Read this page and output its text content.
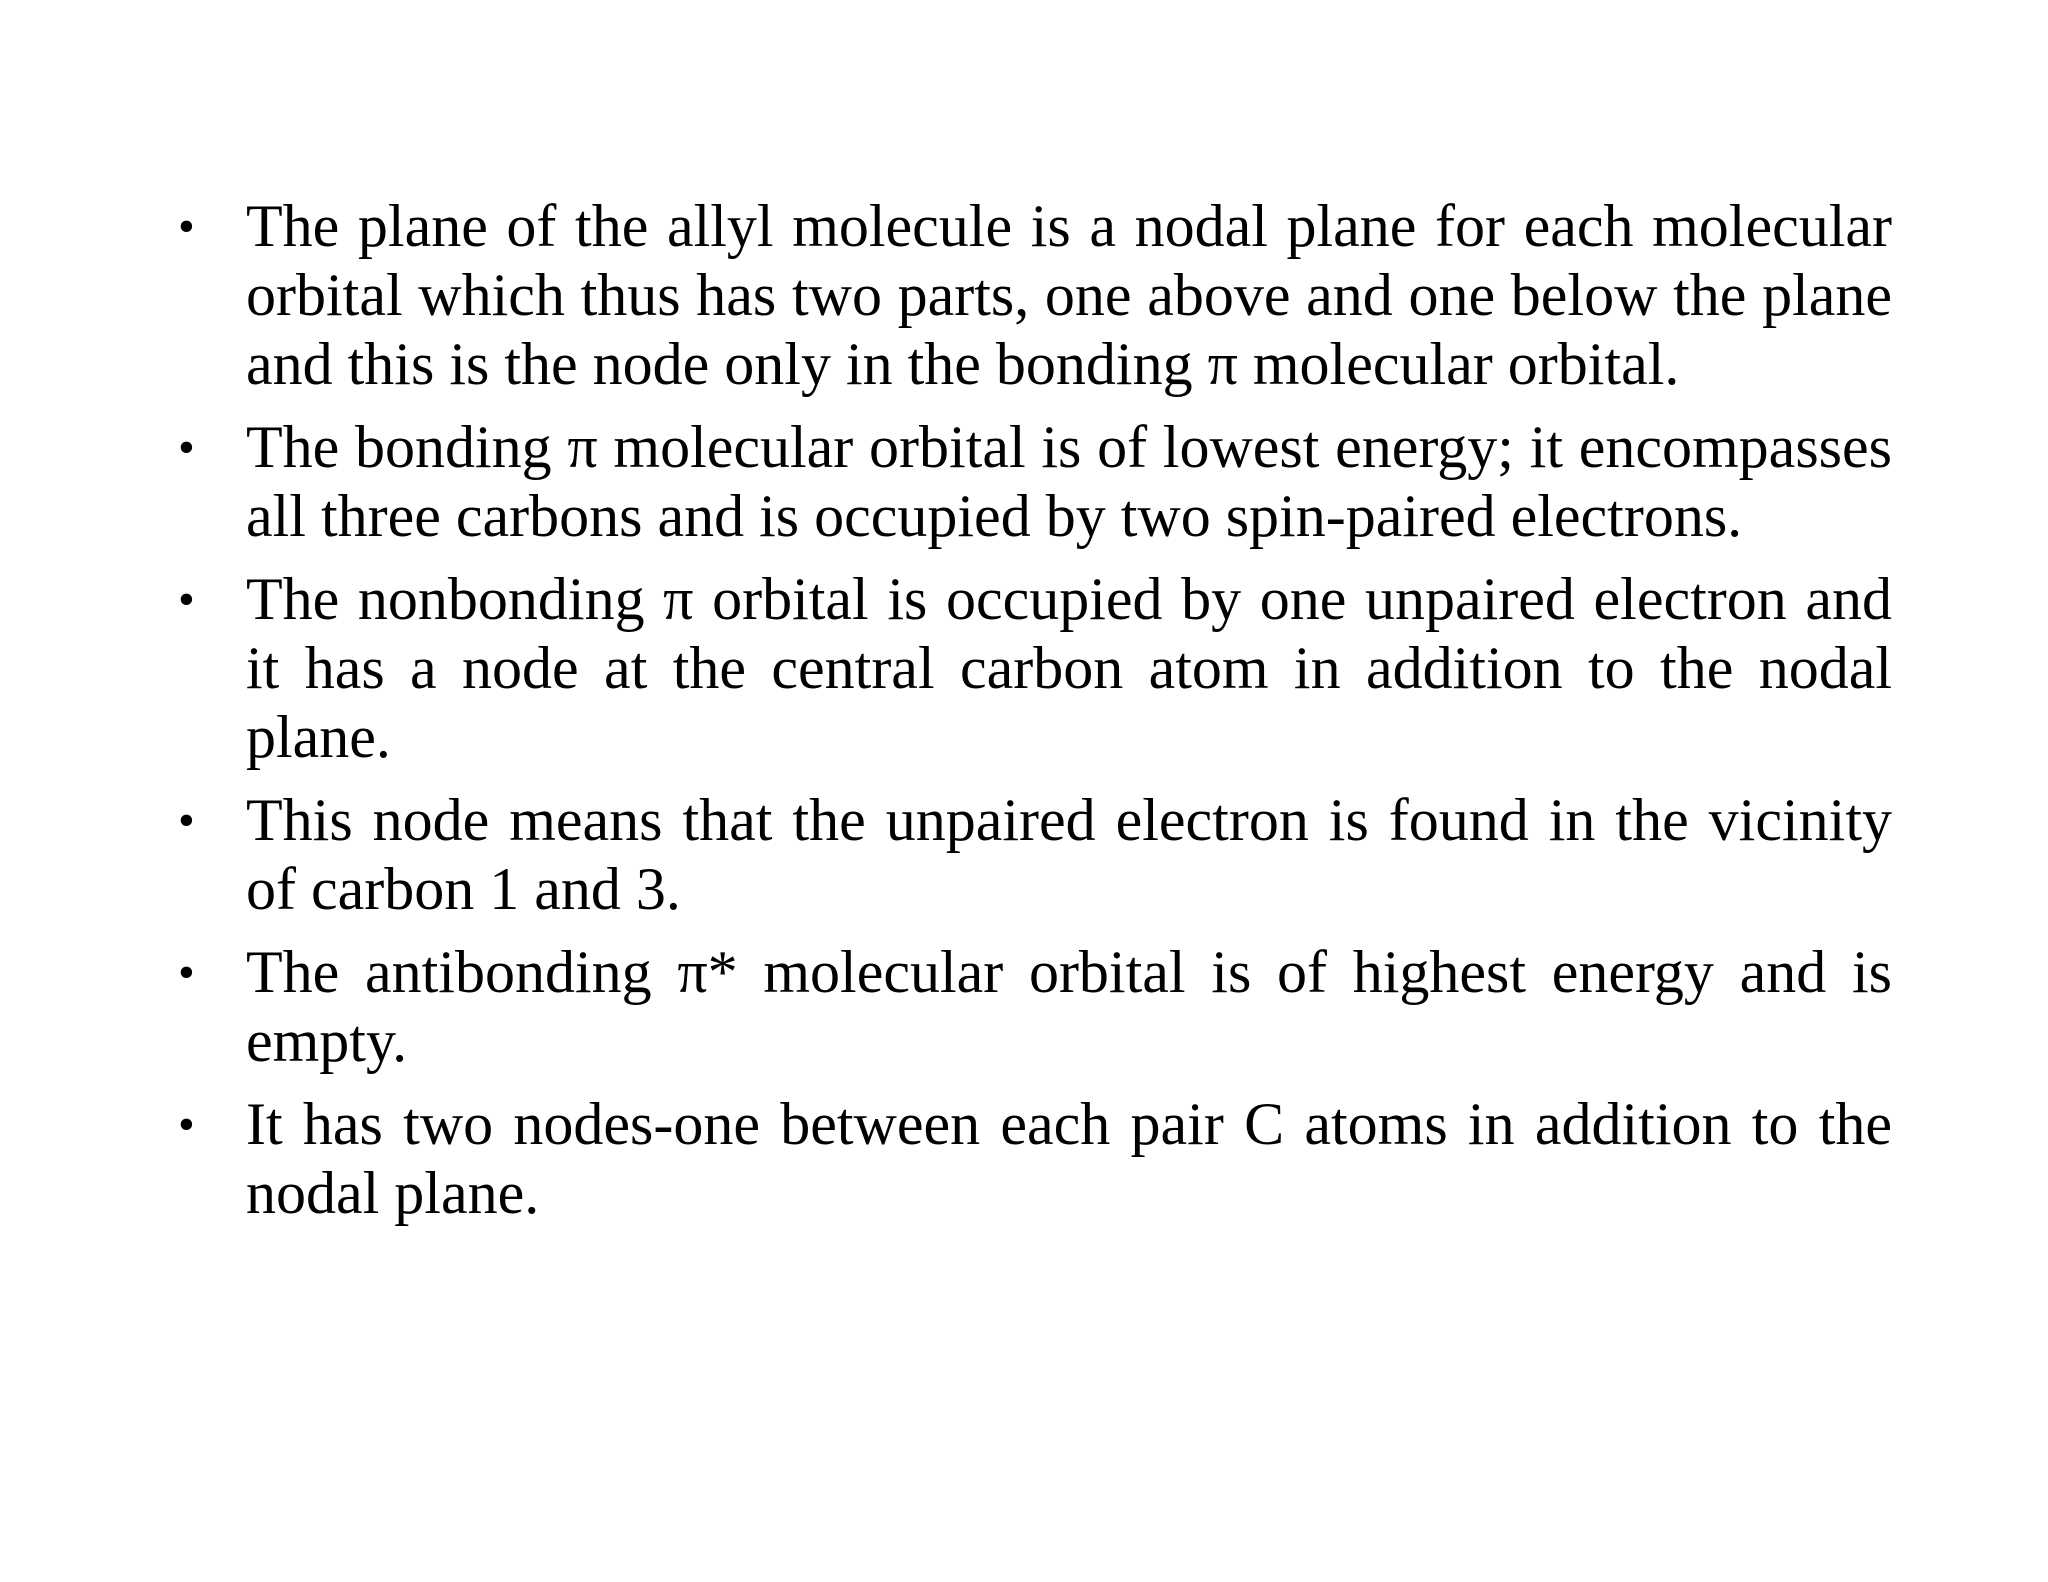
• The plane of the allyl molecule is a nodal plane for each molecular orbital which thus has two parts, one above and one below the plane and this is the node only in the bonding π molecular orbital.
• The bonding π molecular orbital is of lowest energy; it encompasses all three carbons and is occupied by two spin-paired electrons.
• The nonbonding π orbital is occupied by one unpaired electron and it has a node at the central carbon atom in addition to the nodal plane.
• This node means that the unpaired electron is found in the vicinity of carbon 1 and 3.
• The antibonding π* molecular orbital is of highest energy and is empty.
• It has two nodes-one between each pair C atoms in addition to the nodal plane.
